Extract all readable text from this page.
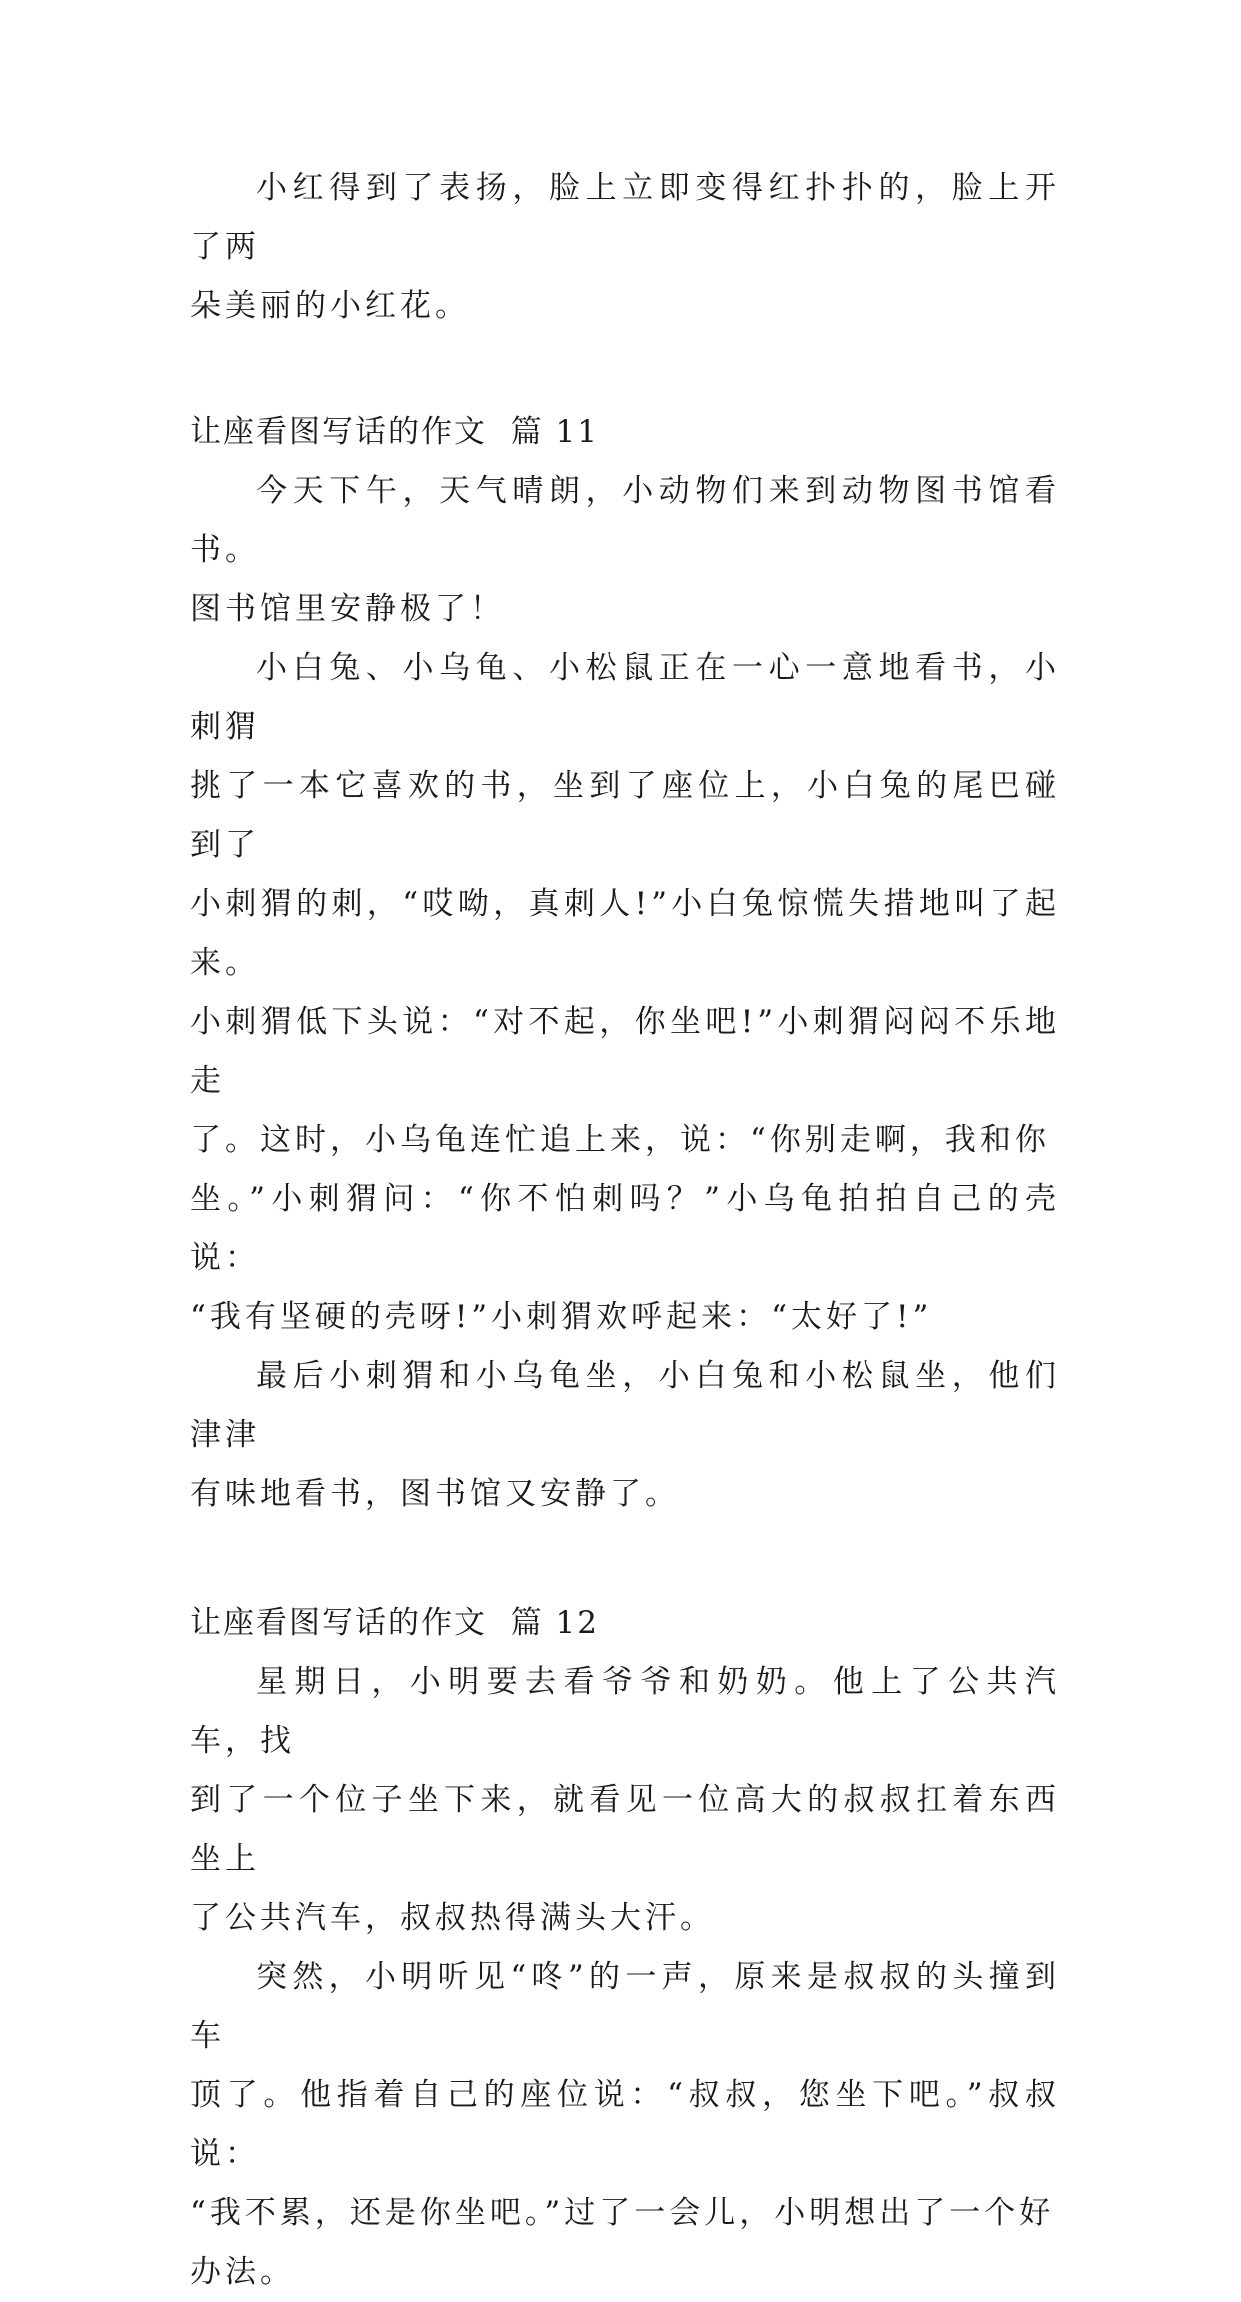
小红得到了表扬，脸上立即变得红扑扑的，脸上开了两
朵美丽的小红花。

让座看图写话的作文  篇 11

今天下午，天气晴朗，小动物们来到动物图书馆看书。
图书馆里安静极了！

小白兔、小乌龟、小松鼠正在一心一意地看书，小刺猬
挑了一本它喜欢的书，坐到了座位上，小白兔的尾巴碰到了
小刺猬的刺，“哎呦，真刺人!”小白兔惊慌失措地叫了起来。
小刺猬低下头说：“对不起，你坐吧!”小刺猬闷闷不乐地走
了。这时，小乌龟连忙追上来，说：“你别走啊，我和你
坐。”小刺猬问：“你不怕刺吗？”小乌龟拍拍自己的壳说：
“我有坚硬的壳呀!”小刺猬欢呼起来：“太好了!”

最后小刺猬和小乌龟坐，小白兔和小松鼠坐，他们津津
有味地看书，图书馆又安静了。

让座看图写话的作文  篇 12

星期日，小明要去看爷爷和奶奶。他上了公共汽车，找
到了一个位子坐下来，就看见一位高大的叔叔扛着东西坐上
了公共汽车，叔叔热得满头大汗。

突然，小明听见“咚”的一声，原来是叔叔的头撞到车
顶了。他指着自己的座位说：“叔叔，您坐下吧。”叔叔说：
“我不累，还是你坐吧。”过了一会儿，小明想出了一个好
办法。
